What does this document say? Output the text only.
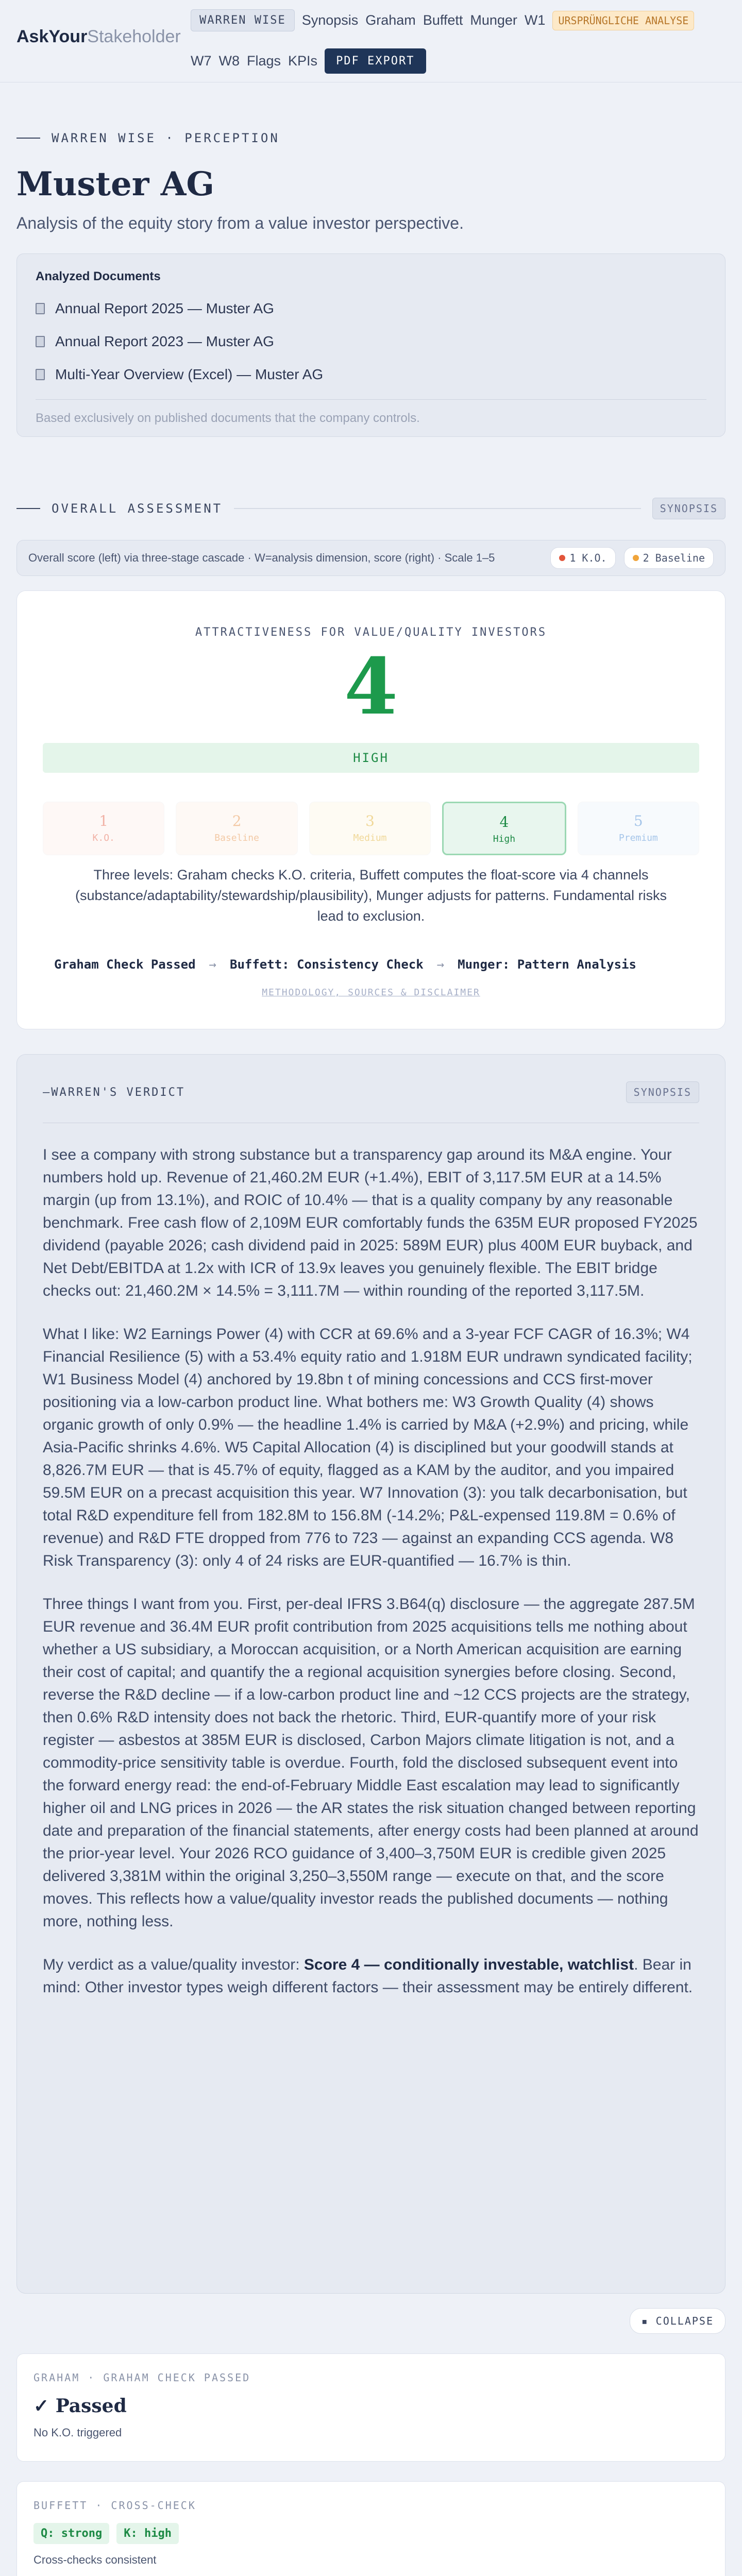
AskYourStakeholder
WARREN WISE	Synopsis Graham Buffett Munger W1	URSPRÜNGLICHE ANALYSE
W7 W8 Flags KPIs	PDF EXPORT
WARREN WISE · PERCEPTION
Muster AG
Analysis of the equity story from a value investor perspective.
Analyzed Documents
Annual Report 2025 — Muster AG
Annual Report 2023 — Muster AG
Multi-Year Overview (Excel) — Muster AG
Based exclusively on published documents that the company controls.
OVERALL ASSESSMENT	SYNOPSIS
Overall score (left) via three-stage cascade · W=analysis dimension, score (right) · Scale 1–5	1 K.O.	2 Baseline
ATTRACTIVENESS FOR VALUE/QUALITY INVESTORS
4
HIGH
1
K.O.
2
Baseline
3
Medium
4
High
5
Premium
Three levels: Graham checks K.O. criteria, Buffett computes the float-score via 4 channels (substance/adaptability/stewardship/plausibility), Munger adjusts for patterns. Fundamental risks lead to exclusion.
Graham Check Passed → Buffett: Consistency Check → Munger: Pattern Analysis
METHODOLOGY, SOURCES & DISCLAIMER
—WARREN'S VERDICT	SYNOPSIS

I see a company with strong substance but a transparency gap around its M&A engine. Your numbers hold up. Revenue of 21,460.2M EUR (+1.4%), EBIT of 3,117.5M EUR at a 14.5% margin (up from 13.1%), and ROIC of 10.4% — that is a quality company by any reasonable benchmark. Free cash flow of 2,109M EUR comfortably funds the 635M EUR proposed FY2025 dividend (payable 2026; cash dividend paid in 2025: 589M EUR) plus 400M EUR buyback, and Net Debt/EBITDA at 1.2x with ICR of 13.9x leaves you genuinely flexible. The EBIT bridge checks out: 21,460.2M × 14.5% = 3,111.7M — within rounding of the reported 3,117.5M.

What I like: W2 Earnings Power (4) with CCR at 69.6% and a 3-year FCF CAGR of 16.3%; W4 Financial Resilience (5) with a 53.4% equity ratio and 1.918M EUR undrawn syndicated facility; W1 Business Model (4) anchored by 19.8bn t of mining concessions and CCS first-mover positioning via a low-carbon product line. What bothers me: W3 Growth Quality (4) shows organic growth of only 0.9% — the headline 1.4% is carried by M&A (+2.9%) and pricing, while Asia-Pacific shrinks 4.6%. W5 Capital Allocation (4) is disciplined but your goodwill stands at 8,826.7M EUR — that is 45.7% of equity, flagged as a KAM by the auditor, and you impaired 59.5M EUR on a precast acquisition this year. W7 Innovation (3): you talk decarbonisation, but total R&D expenditure fell from 182.8M to 156.8M (-14.2%; P&L-expensed 119.8M = 0.6% of revenue) and R&D FTE dropped from 776 to 723 — against an expanding CCS agenda. W8 Risk Transparency (3): only 4 of 24 risks are EUR-quantified — 16.7% is thin.

Three things I want from you. First, per-deal IFRS 3.B64(q) disclosure — the aggregate 287.5M EUR revenue and 36.4M EUR profit contribution from 2025 acquisitions tells me nothing about whether a US subsidiary, a Moroccan acquisition, or a North American acquisition are earning their cost of capital; and quantify the a regional acquisition synergies before closing. Second, reverse the R&D decline — if a low-carbon product line and ~12 CCS projects are the strategy, then 0.6% R&D intensity does not back the rhetoric. Third, EUR-quantify more of your risk register — asbestos at 385M EUR is disclosed, Carbon Majors climate litigation is not, and a commodity-price sensitivity table is overdue. Fourth, fold the disclosed subsequent event into the forward energy read: the end-of-February Middle East escalation may lead to significantly higher oil and LNG prices in 2026 — the AR states the risk situation changed between reporting date and preparation of the financial statements, after energy costs had been planned at around the prior-year level. Your 2026 RCO guidance of 3,400–3,750M EUR is credible given 2025 delivered 3,381M within the original 3,250–3,550M range — execute on that, and the score moves. This reflects how a value/quality investor reads the published documents — nothing more, nothing less.

My verdict as a value/quality investor: Score 4 — conditionally investable, watchlist. Bear in mind: Other investor types weigh different factors — their assessment may be entirely different.

▪ COLLAPSE
GRAHAM · GRAHAM CHECK PASSED
✓ Passed
No K.O. triggered
BUFFETT · CROSS-CHECK
Q: strong	K: high
Cross-checks consistent
